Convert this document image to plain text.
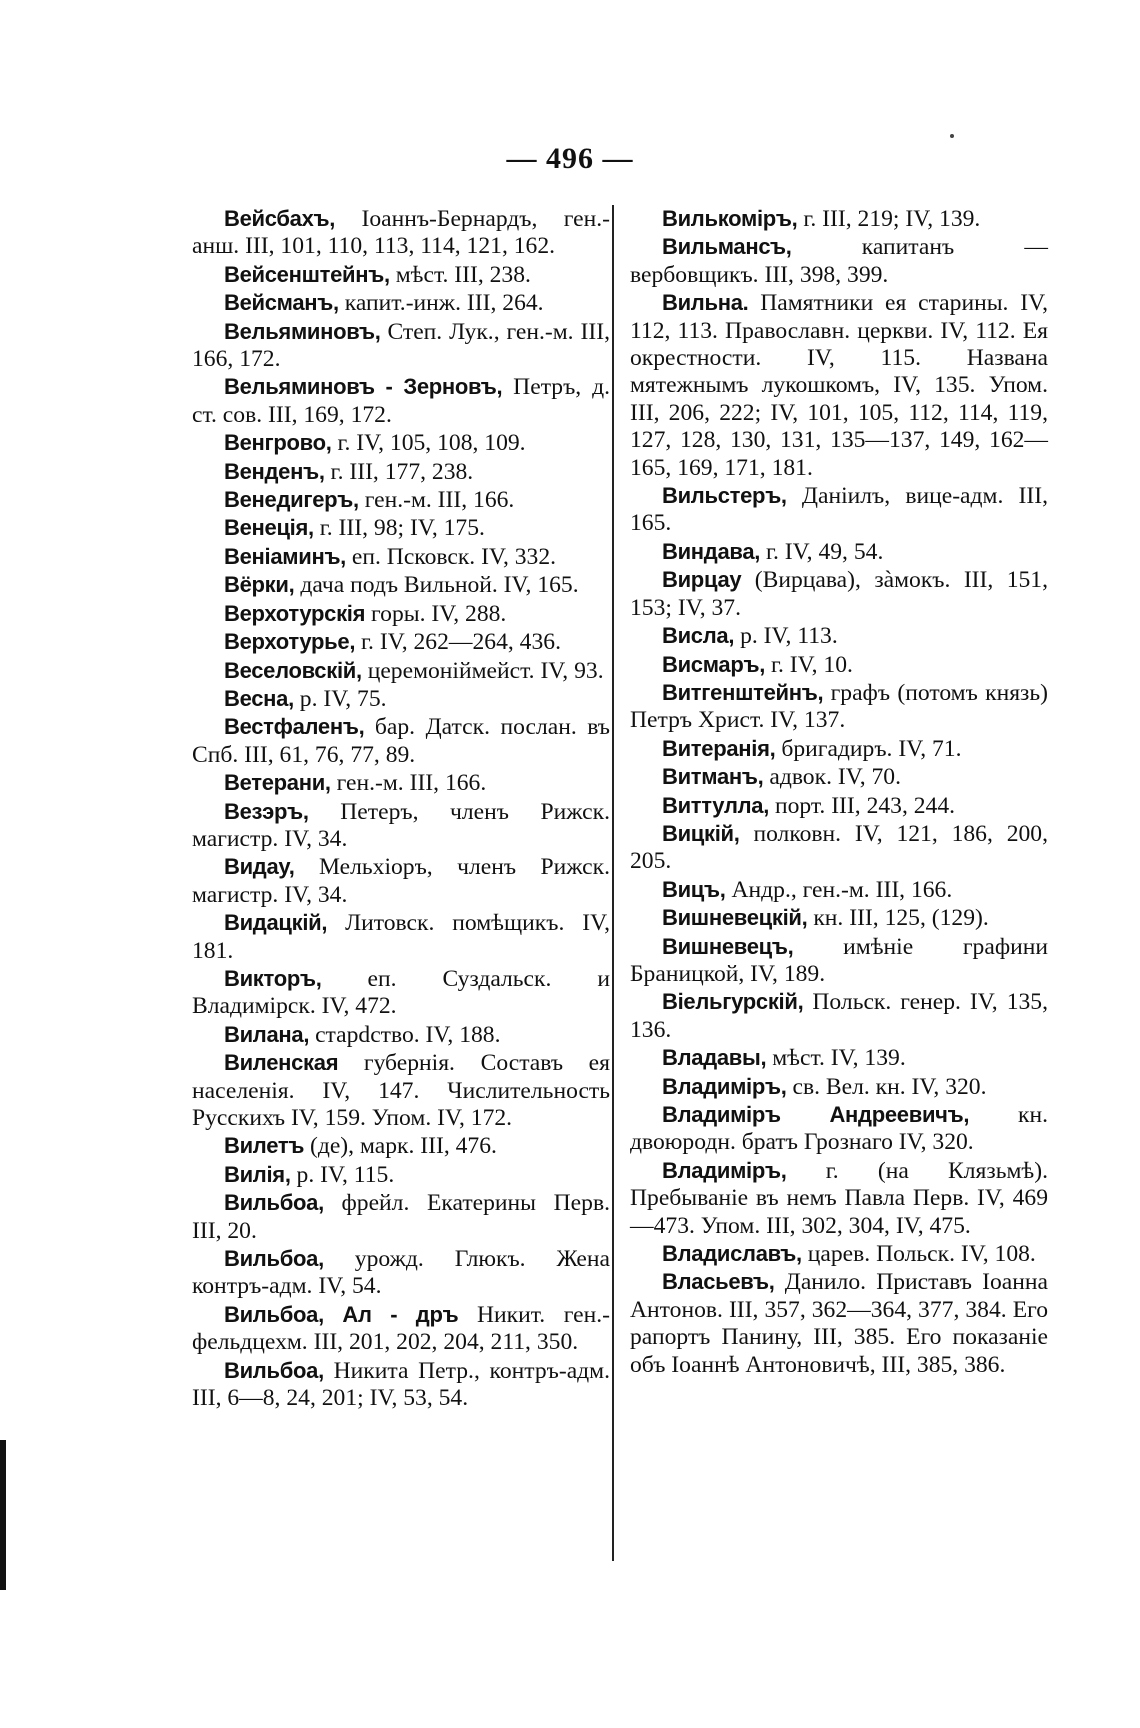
— 496 —

Вейсбахъ, Іоаннъ-Бернардъ, ген.-анш. III, 101, 110, 113, 114, 121, 162.

Вейсенштейнъ, мѣст. III, 238.

Вейсманъ, капит.-инж. III, 264.

Вельяминовъ, Степ. Лук., ген.-м. III, 166, 172.

Вельяминовъ - Зерновъ, Петръ, д. ст. сов. III, 169, 172.

Венгрово, г. IV, 105, 108, 109.

Венденъ, г. III, 177, 238.

Венедигеръ, ген.-м. III, 166.

Венеція, г. III, 98; IV, 175.

Веніаминъ, еп. Псковск. IV, 332.

Вёрки, дача подъ Вильной. IV, 165.

Верхотурскія горы. IV, 288.

Верхотурье, г. IV, 262—264, 436.

Веселовскій, церемоніймейст. IV, 93.

Весна, р. IV, 75.

Вестфаленъ, бар. Датск. послан. въ Спб. III, 61, 76, 77, 89.

Ветерани, ген.-м. III, 166.

Везэръ, Петеръ, членъ Рижск. магистр. IV, 34.

Видау, Мельхіоръ, членъ Рижск. магистр. IV, 34.

Видацкій, Литовск. помѣщикъ. IV, 181.

Викторъ, еп. Суздальск. и Владимірск. IV, 472.

Вилана, старdство. IV, 188.

Виленская губернія. Составъ ея населенія. IV, 147. Числительность Русскихъ IV, 159. Упом. IV, 172.

Вилетъ (де), марк. III, 476.

Вилія, р. IV, 115.

Вильбоа, фрейл. Екатерины Перв. III, 20.

Вильбоа, урожд. Глюкъ. Жена контръ-адм. IV, 54.

Вильбоа, Ал - дръ Никит. ген.-фельдцехм. III, 201, 202, 204, 211, 350.

Вильбоа, Никита Петр., контръ-адм. III, 6—8, 24, 201; IV, 53, 54.

Вилькоміръ, г. III, 219; IV, 139.

Вильмансъ, капитанъ — вербовщикъ. III, 398, 399.

Вильна. Памятники ея старины. IV, 112, 113. Православн. церкви. IV, 112. Ея окрестности. IV, 115. Названа мятежнымъ лукошкомъ, IV, 135. Упом. III, 206, 222; IV, 101, 105, 112, 114, 119, 127, 128, 130, 131, 135—137, 149, 162—165, 169, 171, 181.

Вильстеръ, Даніилъ, вице-адм. III, 165.

Виндава, г. IV, 49, 54.

Вирцау (Вирцава), зàмокъ. III, 151, 153; IV, 37.

Висла, р. IV, 113.

Висмаръ, г. IV, 10.

Витгенштейнъ, графъ (потомъ князь) Петръ Христ. IV, 137.

Витеранія, бригадиръ. IV, 71.

Витманъ, адвок. IV, 70.

Виттулла, порт. III, 243, 244.

Вицкій, полковн. IV, 121, 186, 200, 205.

Вицъ, Андр., ген.-м. III, 166.

Вишневецкій, кн. III, 125, (129).

Вишневецъ, имѣніе графини Браницкой, IV, 189.

Віельгурскій, Польск. генер. IV, 135, 136.

Владавы, мѣст. IV, 139.

Владиміръ, св. Вел. кн. IV, 320.

Владиміръ Андреевичъ, кн. двоюродн. братъ Грознаго IV, 320.

Владиміръ, г. (на Клязьмѣ). Пребываніе въ немъ Павла Перв. IV, 469—473. Упом. III, 302, 304, IV, 475.

Владиславъ, царев. Польск. IV, 108.

Власьевъ, Данило. Приставъ Іоанна Антонов. III, 357, 362—364, 377, 384. Его рапортъ Панину, III, 385. Его показаніе объ Іоаннѣ Антоновичѣ, III, 385, 386.
